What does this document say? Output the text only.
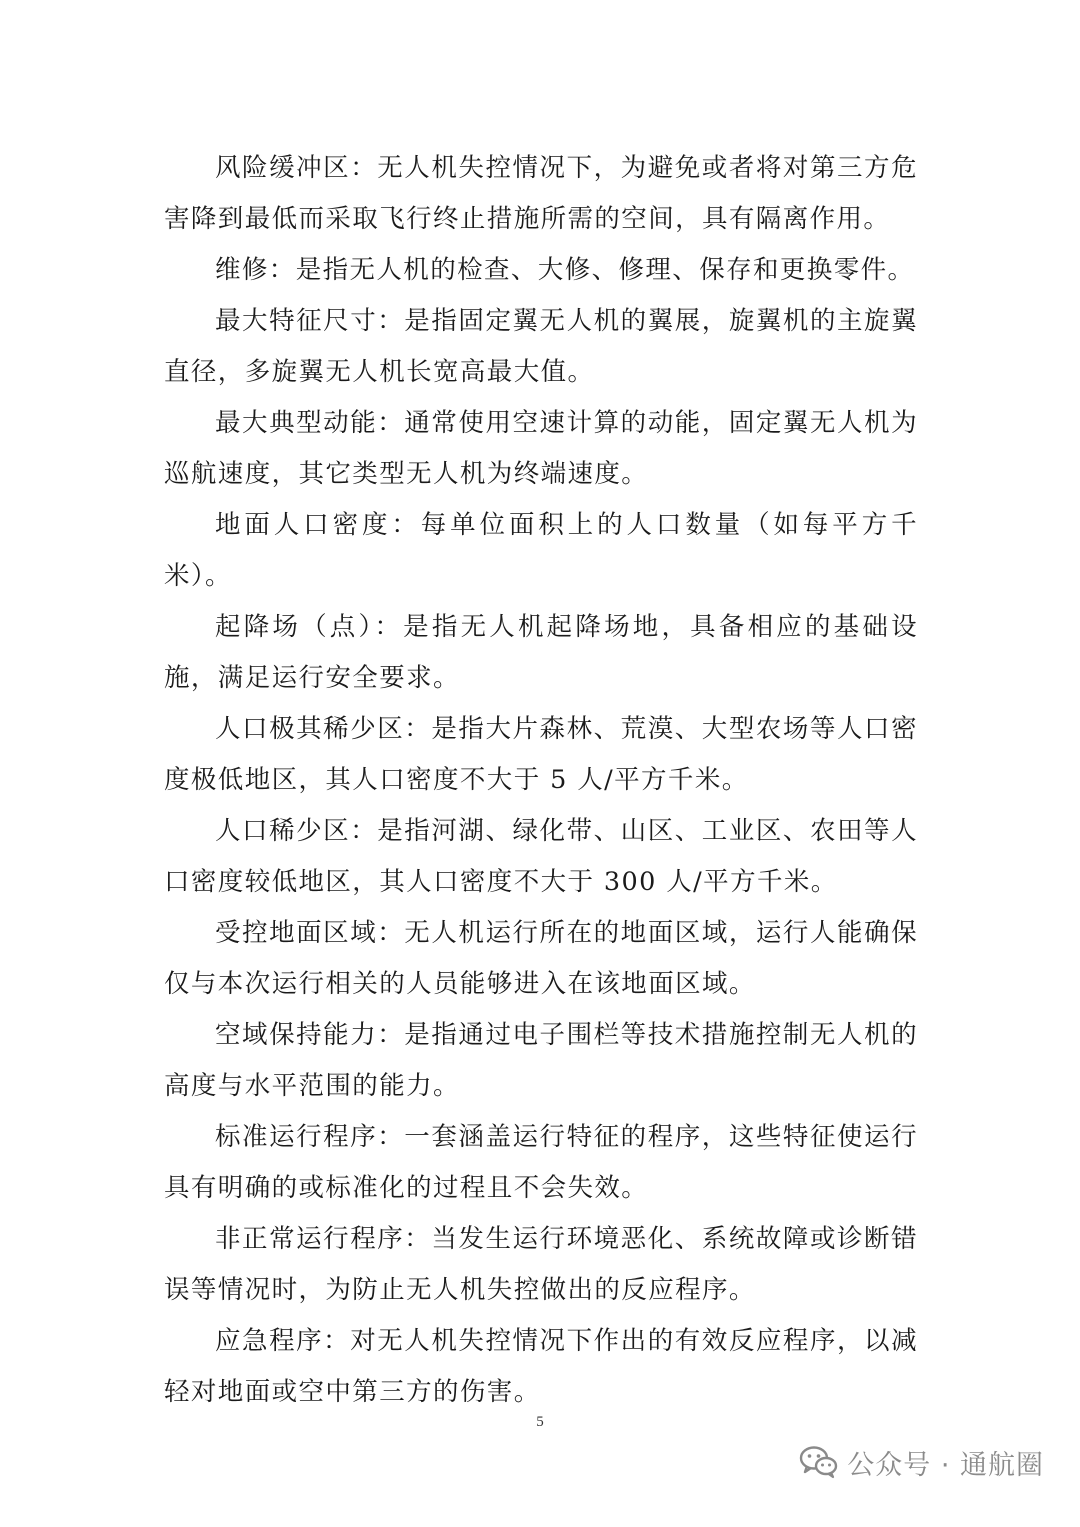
风险缓冲区：无人机失控情况下，为避免或者将对第三方危害降到最低而采取飞行终止措施所需的空间，具有隔离作用。

维修：是指无人机的检查、大修、修理、保存和更换零件。

最大特征尺寸：是指固定翼无人机的翼展，旋翼机的主旋翼直径，多旋翼无人机长宽高最大值。

最大典型动能：通常使用空速计算的动能，固定翼无人机为巡航速度，其它类型无人机为终端速度。

地面人口密度：每单位面积上的人口数量（如每平方千米）。

起降场（点）：是指无人机起降场地，具备相应的基础设施，满足运行安全要求。

人口极其稀少区：是指大片森林、荒漠、大型农场等人口密度极低地区，其人口密度不大于 5 人/平方千米。

人口稀少区：是指河湖、绿化带、山区、工业区、农田等人口密度较低地区，其人口密度不大于 300 人/平方千米。

受控地面区域：无人机运行所在的地面区域，运行人能确保仅与本次运行相关的人员能够进入在该地面区域。

空域保持能力：是指通过电子围栏等技术措施控制无人机的高度与水平范围的能力。

标准运行程序：一套涵盖运行特征的程序，这些特征使运行具有明确的或标准化的过程且不会失效。

非正常运行程序：当发生运行环境恶化、系统故障或诊断错误等情况时，为防止无人机失控做出的反应程序。

应急程序：对无人机失控情况下作出的有效反应程序，以减轻对地面或空中第三方的伤害。

5
公众号 · 通航圈
